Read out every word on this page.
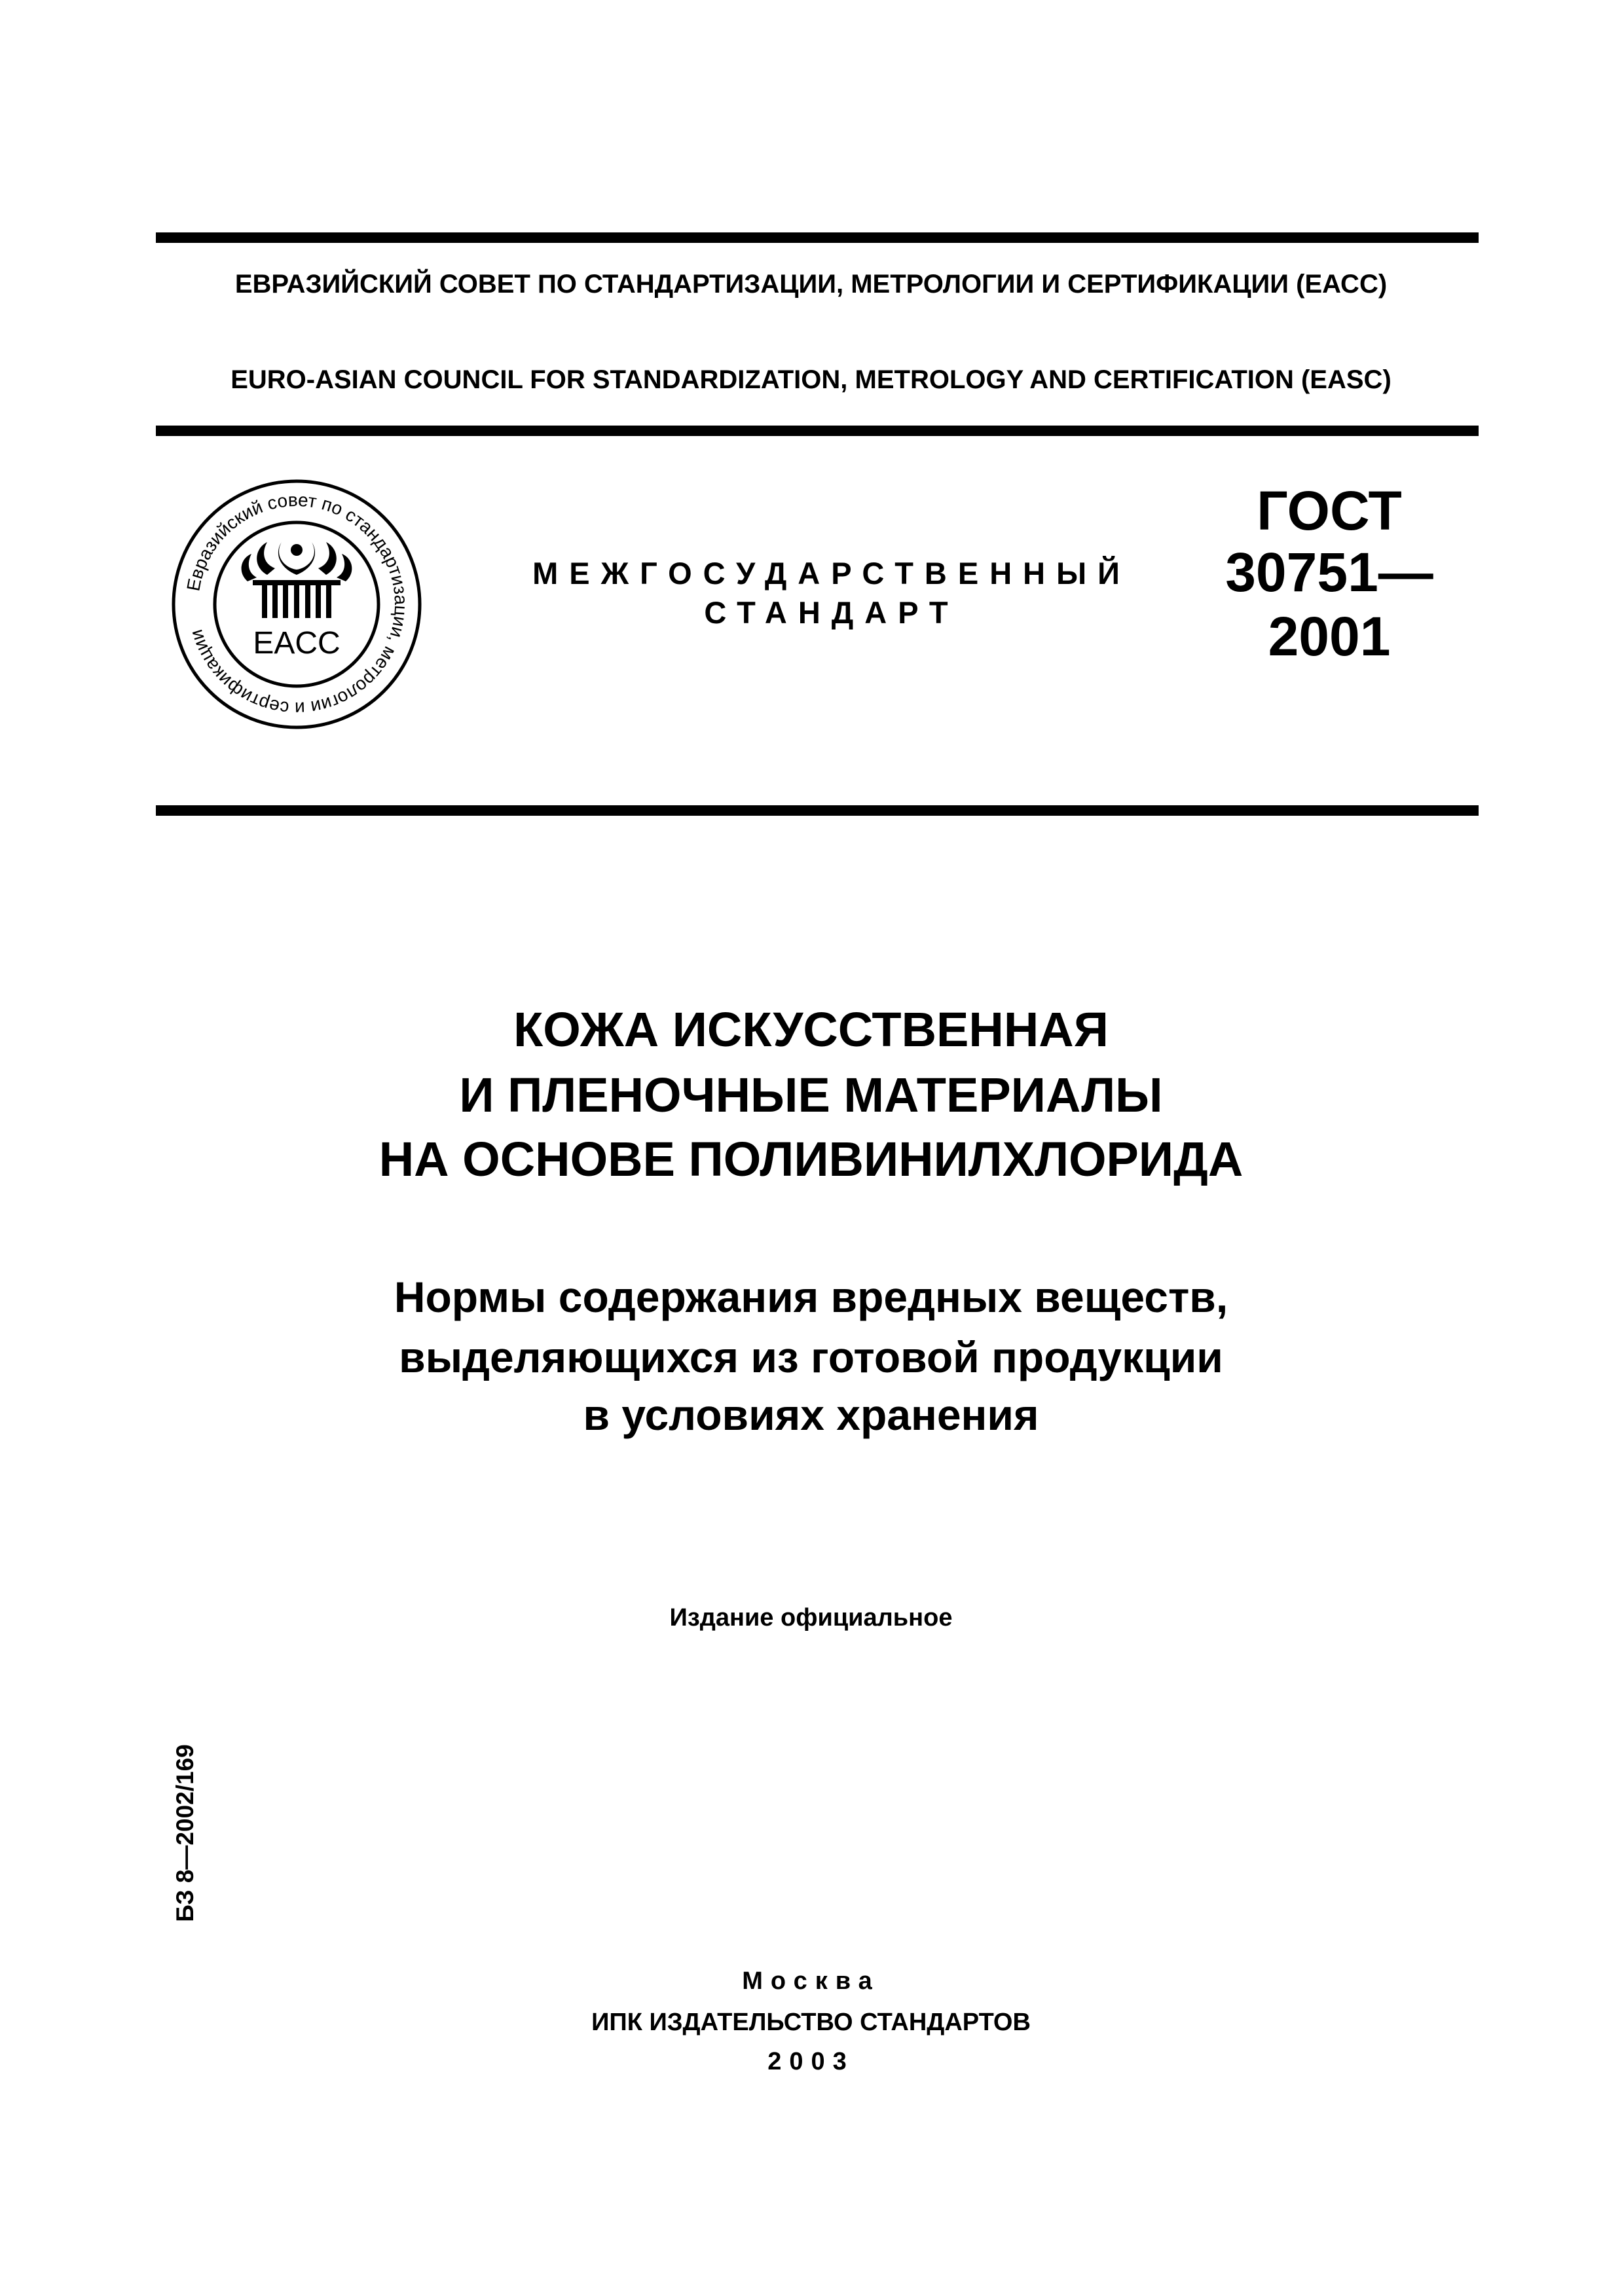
ЕВРАЗИЙСКИЙ СОВЕТ ПО СТАНДАРТИЗАЦИИ, МЕТРОЛОГИИ И СЕРТИФИКАЦИИ (ЕАСС)
EURO-ASIAN COUNCIL FOR STANDARDIZATION, METROLOGY AND CERTIFICATION (EASC)
Евразийский совет по стандартизации, метрологии и сертификации	EACC
МЕЖГОСУДАРСТВЕННЫЙ
СТАНДАРТ
ГОСТ
30751—
2001
КОЖА ИСКУССТВЕННАЯ
И ПЛЕНОЧНЫЕ МАТЕРИАЛЫ
НА ОСНОВЕ ПОЛИВИНИЛХЛОРИДА
Нормы содержания вредных веществ,
выделяющихся из готовой продукции
в условиях хранения
Издание официальное
БЗ 8—2002/169
Москва
ИПК ИЗДАТЕЛЬСТВО СТАНДАРТОВ
2003
